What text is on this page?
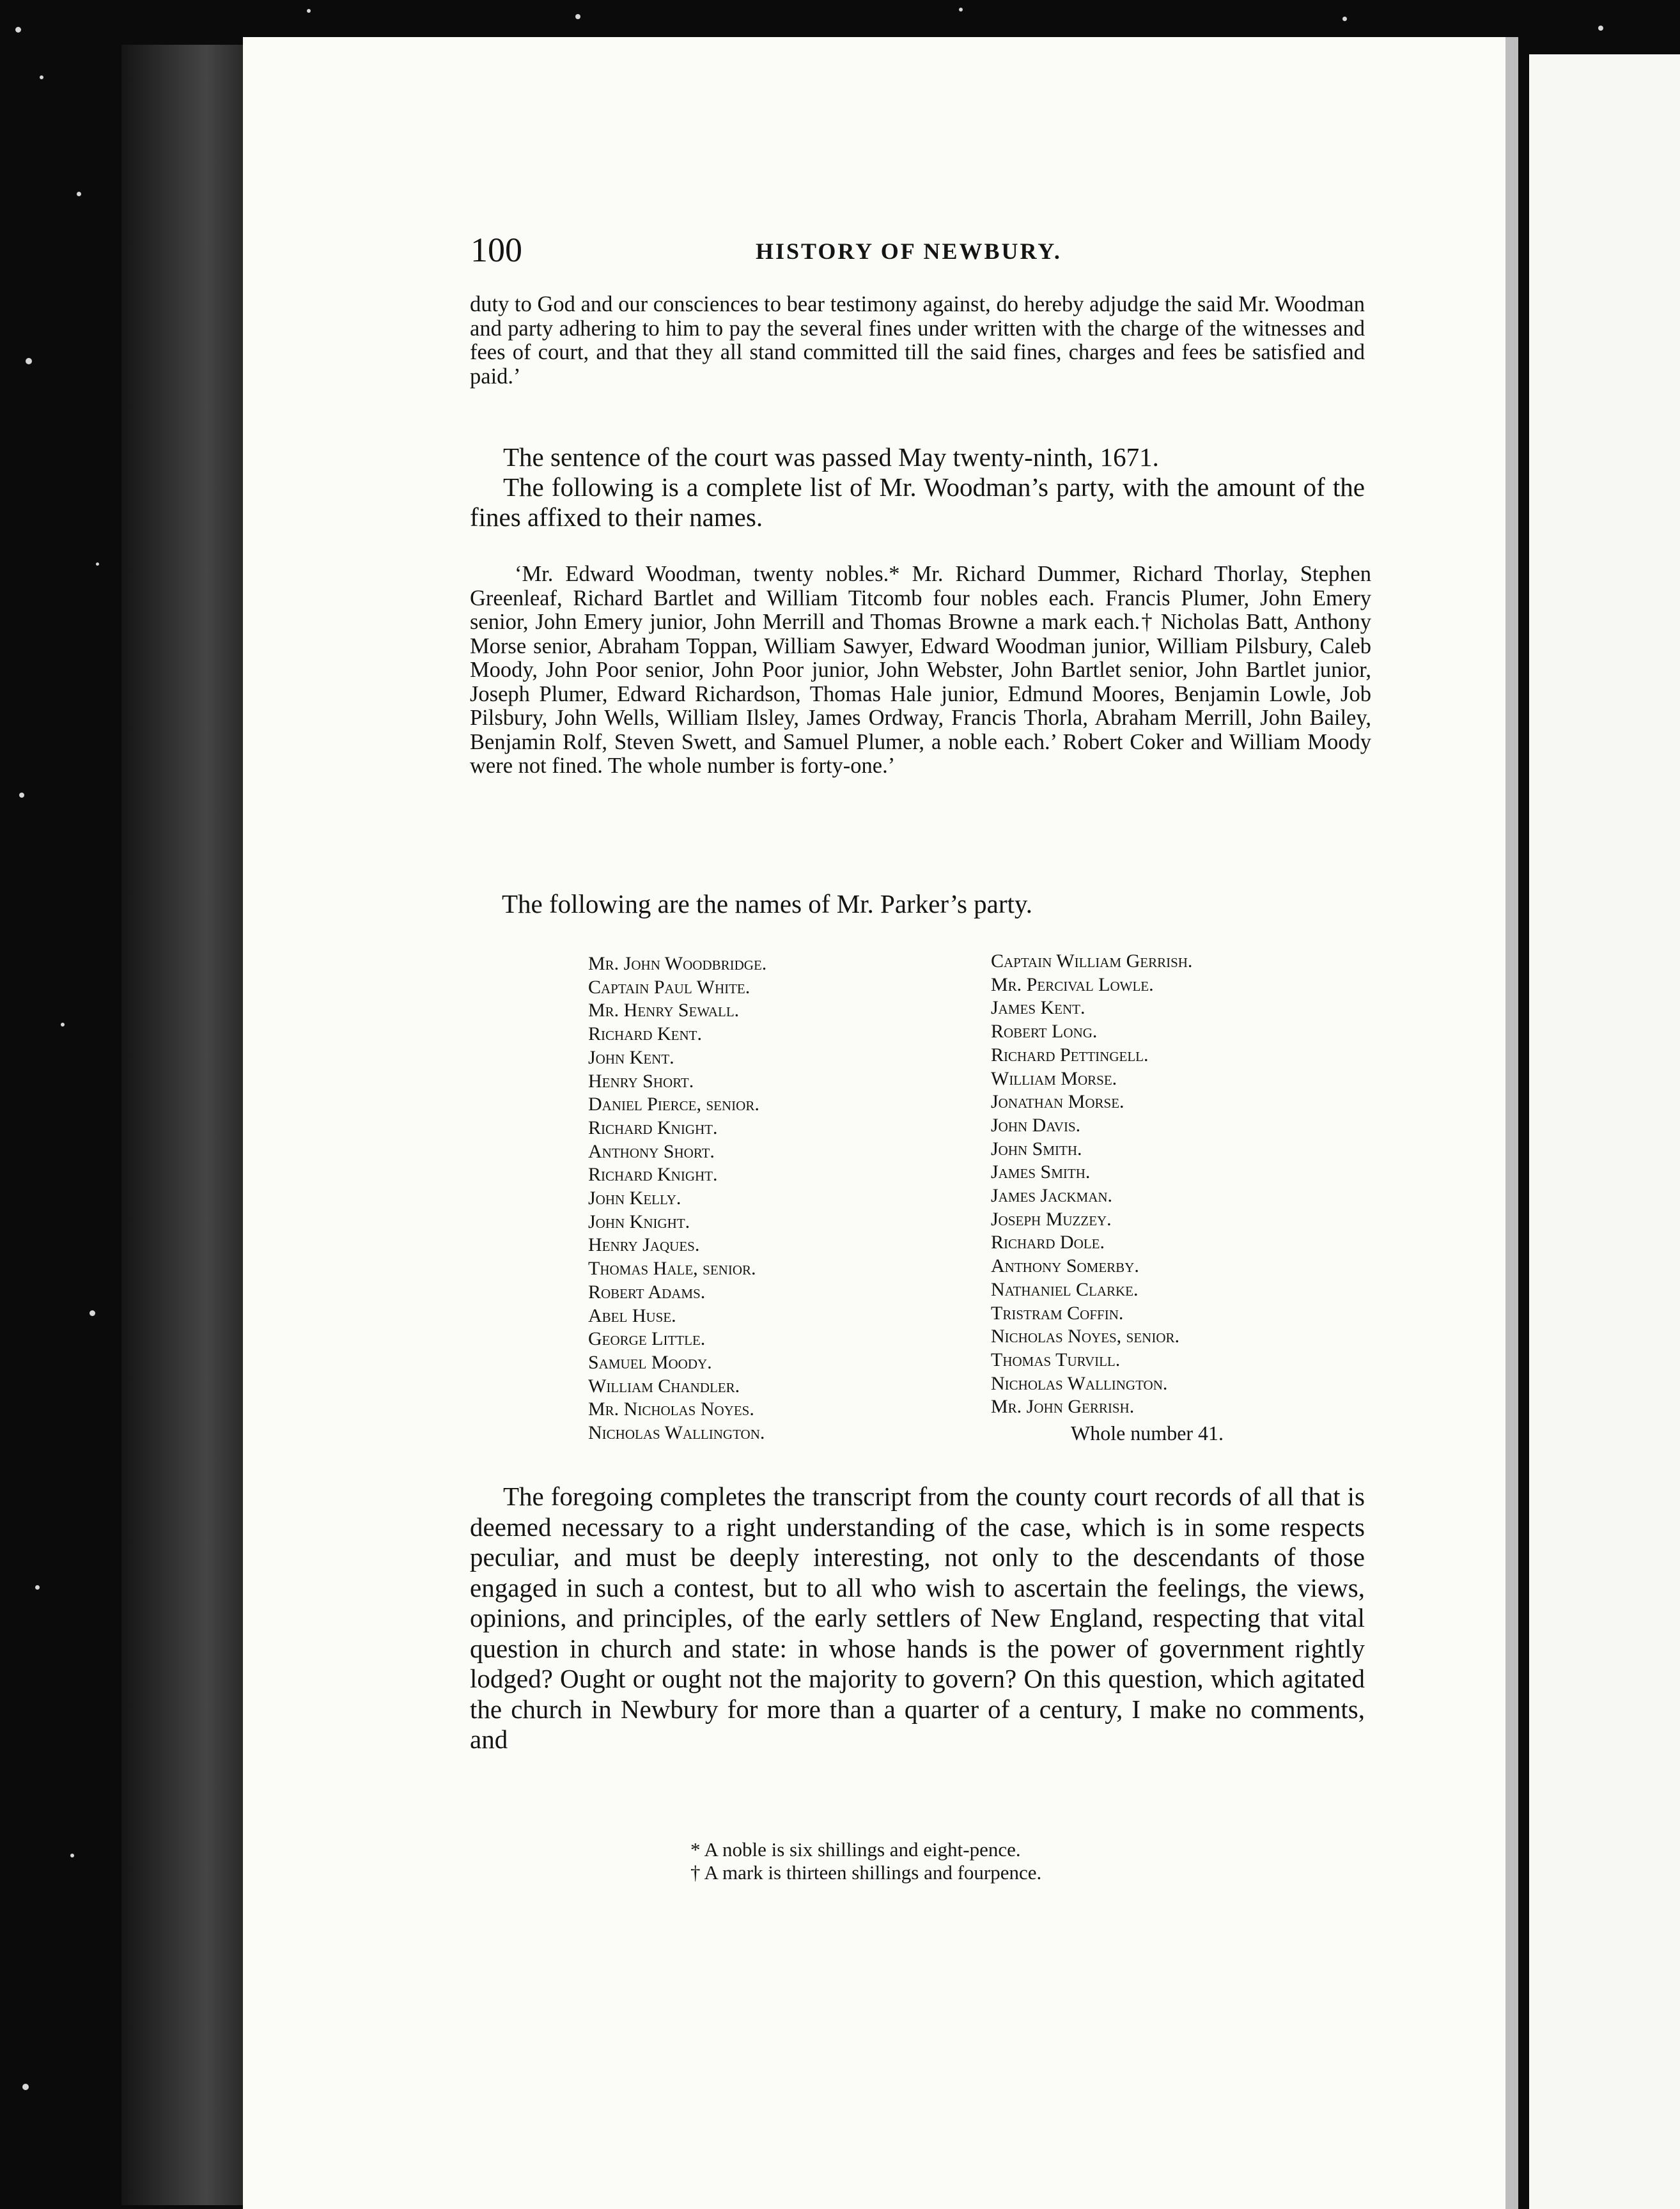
100	HISTORY OF NEWBURY.
duty to God and our consciences to bear testimony against, do hereby adjudge the said Mr. Woodman and party adhering to him to pay the several fines under written with the charge of the witnesses and fees of court, and that they all stand committed till the said fines, charges and fees be satisfied and paid.’
The sentence of the court was passed May twenty-ninth, 1671.
The following is a complete list of Mr. Woodman’s party, with the amount of the fines affixed to their names.
‘Mr. Edward Woodman, twenty nobles.* Mr. Richard Dummer, Richard Thorlay, Stephen Greenleaf, Richard Bartlet and William Titcomb four nobles each. Francis Plumer, John Emery senior, John Emery junior, John Merrill and Thomas Browne a mark each.† Nicholas Batt, Anthony Morse senior, Abraham Toppan, William Sawyer, Edward Woodman junior, William Pilsbury, Caleb Moody, John Poor senior, John Poor junior, John Webster, John Bartlet senior, John Bartlet junior, Joseph Plumer, Edward Richardson, Thomas Hale junior, Edmund Moores, Benjamin Lowle, Job Pilsbury, John Wells, William Ilsley, James Ordway, Francis Thorla, Abraham Merrill, John Bailey, Benjamin Rolf, Steven Swett, and Samuel Plumer, a noble each.’ Robert Coker and William Moody were not fined. The whole number is forty-one.’
The following are the names of Mr. Parker’s party.
Mr. John Woodbridge.
Captain Paul White.
Mr. Henry Sewall.
Richard Kent.
John Kent.
Henry Short.
Daniel Pierce, senior.
Richard Knight.
Anthony Short.
Richard Knight.
John Kelly.
John Knight.
Henry Jaques.
Thomas Hale, senior.
Robert Adams.
Abel Huse.
George Little.
Samuel Moody.
William Chandler.
Mr. Nicholas Noyes.
Nicholas Wallington.
Captain William Gerrish.
Mr. Percival Lowle.
James Kent.
Robert Long.
Richard Pettingell.
William Morse.
Jonathan Morse.
John Davis.
John Smith.
James Smith.
James Jackman.
Joseph Muzzey.
Richard Dole.
Anthony Somerby.
Nathaniel Clarke.
Tristram Coffin.
Nicholas Noyes, senior.
Thomas Turvill.
Nicholas Wallington.
Mr. John Gerrish.
Whole number 41.
The foregoing completes the transcript from the county court records of all that is deemed necessary to a right understanding of the case, which is in some respects peculiar, and must be deeply interesting, not only to the descendants of those engaged in such a contest, but to all who wish to ascertain the feelings, the views, opinions, and principles, of the early settlers of New England, respecting that vital question in church and state: in whose hands is the power of government rightly lodged? Ought or ought not the majority to govern? On this question, which agitated the church in Newbury for more than a quarter of a century, I make no comments, and
* A noble is six shillings and eight-pence.
† A mark is thirteen shillings and fourpence.
